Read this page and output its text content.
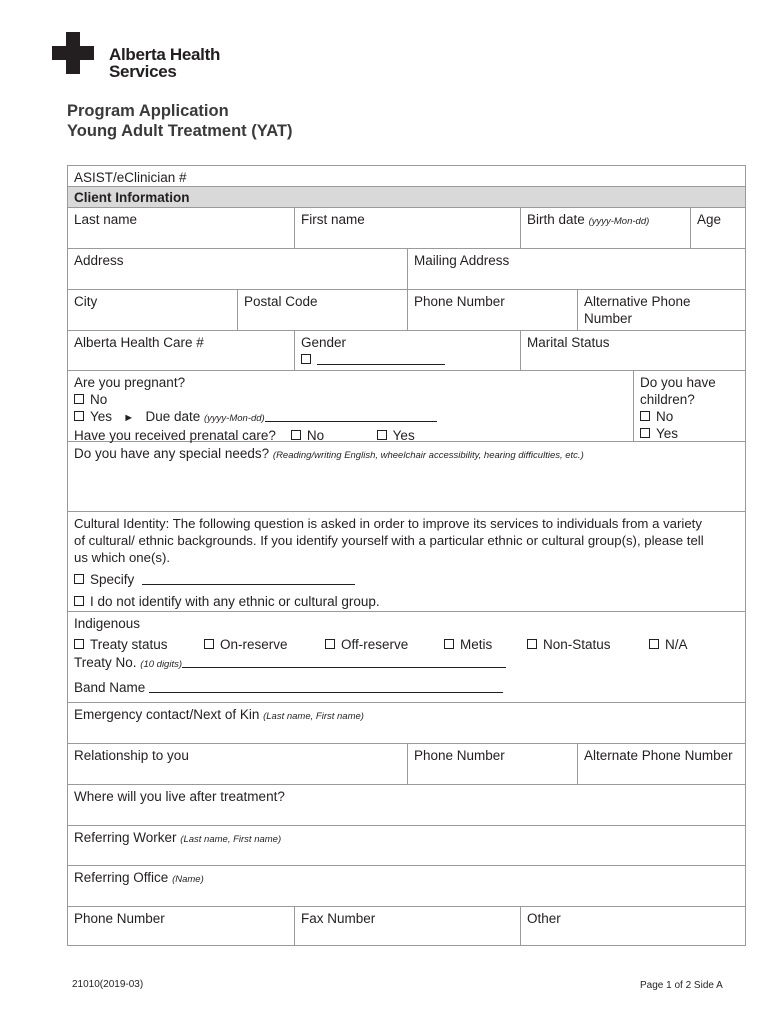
Alberta Health
Services
Program Application
Young Adult Treatment (YAT)
ASIST/eClinician #
Client Information
Last name	First name	Birth date (yyyy-Mon-dd)	Age
Address	Mailing Address
City	Postal Code	Phone Number	Alternative Phone Number
Alberta Health Care #	Gender	Marital Status
Are you pregnant?
No
Yes ► Due date (yyyy-Mon-dd)
Have you received prenatal care? No	Yes
Do you have
children?
No
Yes
Do you have any special needs? (Reading/writing English, wheelchair accessibility, hearing difficulties, etc.)
Cultural Identity: The following question is asked in order to improve its services to individuals from a variety
of cultural/ ethnic backgrounds. If you identify yourself with a particular ethnic or cultural group(s), please tell
us which one(s).
Specify
I do not identify with any ethnic or cultural group.
Indigenous
Treaty status	On-reserve	Off-reserve	Metis	Non-Status	N/A
Treaty No. (10 digits)
Band Name
Emergency contact/Next of Kin (Last name, First name)
Relationship to you	Phone Number	Alternate Phone Number
Where will you live after treatment?
Referring Worker (Last name, First name)
Referring Office (Name)
Phone Number	Fax Number	Other
21010(2019-03)	Page 1 of 2 Side A
